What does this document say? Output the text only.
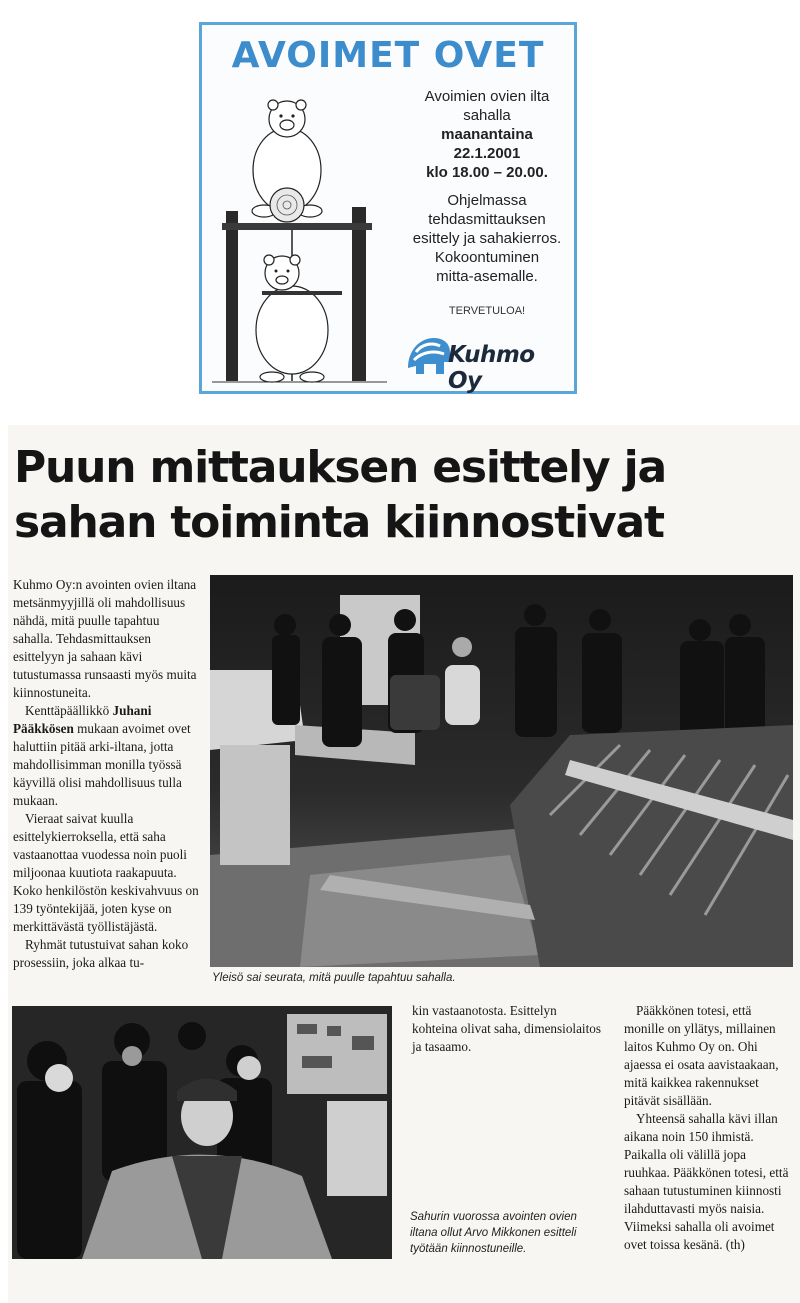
AVOIMET OVET
Avoimien ovien ilta
sahalla
maanantaina
22.1.2001
klo 18.00 – 20.00.
Ohjelmassa
tehdasmittauksen
esittely ja sahakierros.
Kokoontuminen
mitta-asemalle.
TERVETULOA!
Kuhmo Oy
Puun mittauksen esittely ja
sahan toiminta kiinnostivat

Kuhmo Oy:n avointen ovien iltana metsänmyyjillä oli mahdollisuus nähdä, mitä puulle tapahtuu sahalla. Tehdasmittauksen esittelyyn ja sahaan kävi tutustumassa runsaasti myös muita kiinnostuneita.

Kenttäpäällikkö Juhani Pääkkösen mukaan avoimet ovet haluttiin pitää arki-iltana, jotta mahdollisimman monilla työssä käyvillä olisi mahdollisuus tulla mukaan.

Vieraat saivat kuulla esittelykierroksella, että saha vastaanottaa vuodessa noin puoli miljoonaa kuutiota raakapuuta. Koko henkilöstön keskivahvuus on 139 työntekijää, joten kyse on merkittävästä työllistäjästä.

Ryhmät tutustuivat sahan koko prosessiin, joka alkaa tu-

Yleisö sai seurata, mitä puulle tapahtuu sahalla.

kin vastaanotosta. Esittelyn kohteina olivat saha, dimensiolaitos ja tasaamo.

Sahurin vuorossa avointen ovien iltana ollut Arvo Mikkonen esitteli työtään kiinnostuneille.

Pääkkönen totesi, että monille on yllätys, millainen laitos Kuhmo Oy on. Ohi ajaessa ei osata aavistaakaan, mitä kaikkea rakennukset pitävät sisällään.

Yhteensä sahalla kävi illan aikana noin 150 ihmistä. Paikalla oli välillä jopa ruuhkaa. Pääkkönen totesi, että sahaan tutustuminen kiinnosti ilahduttavasti myös naisia. Viimeksi sahalla oli avoimet ovet toissa kesänä. (th)
